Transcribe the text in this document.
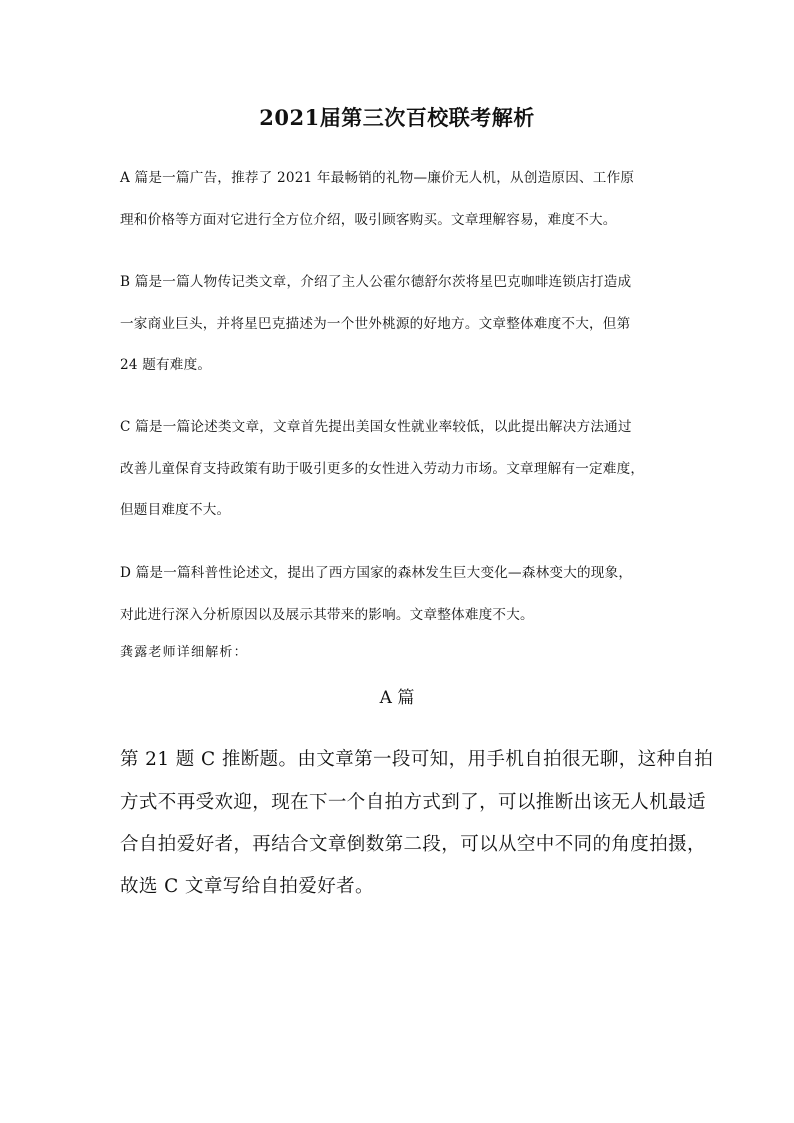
2021届第三次百校联考解析
A 篇是一篇广告，推荐了 2021 年最畅销的礼物—廉价无人机，从创造原因、工作原
理和价格等方面对它进行全方位介绍，吸引顾客购买。文章理解容易，难度不大。
B 篇是一篇人物传记类文章，介绍了主人公霍尔德舒尔茨将星巴克咖啡连锁店打造成
一家商业巨头，并将星巴克描述为一个世外桃源的好地方。文章整体难度不大，但第
24 题有难度。
C 篇是一篇论述类文章，文章首先提出美国女性就业率较低，以此提出解决方法通过
改善儿童保育支持政策有助于吸引更多的女性进入劳动力市场。文章理解有一定难度，
但题目难度不大。
D 篇是一篇科普性论述文，提出了西方国家的森林发生巨大变化—森林变大的现象，
对此进行深入分析原因以及展示其带来的影响。文章整体难度不大。
龚露老师详细解析：
A 篇
第 21 题 C 推断题。由文章第一段可知，用手机自拍很无聊，这种自拍
方式不再受欢迎，现在下一个自拍方式到了，可以推断出该无人机最适
合自拍爱好者，再结合文章倒数第二段，可以从空中不同的角度拍摄，
故选 C 文章写给自拍爱好者。
